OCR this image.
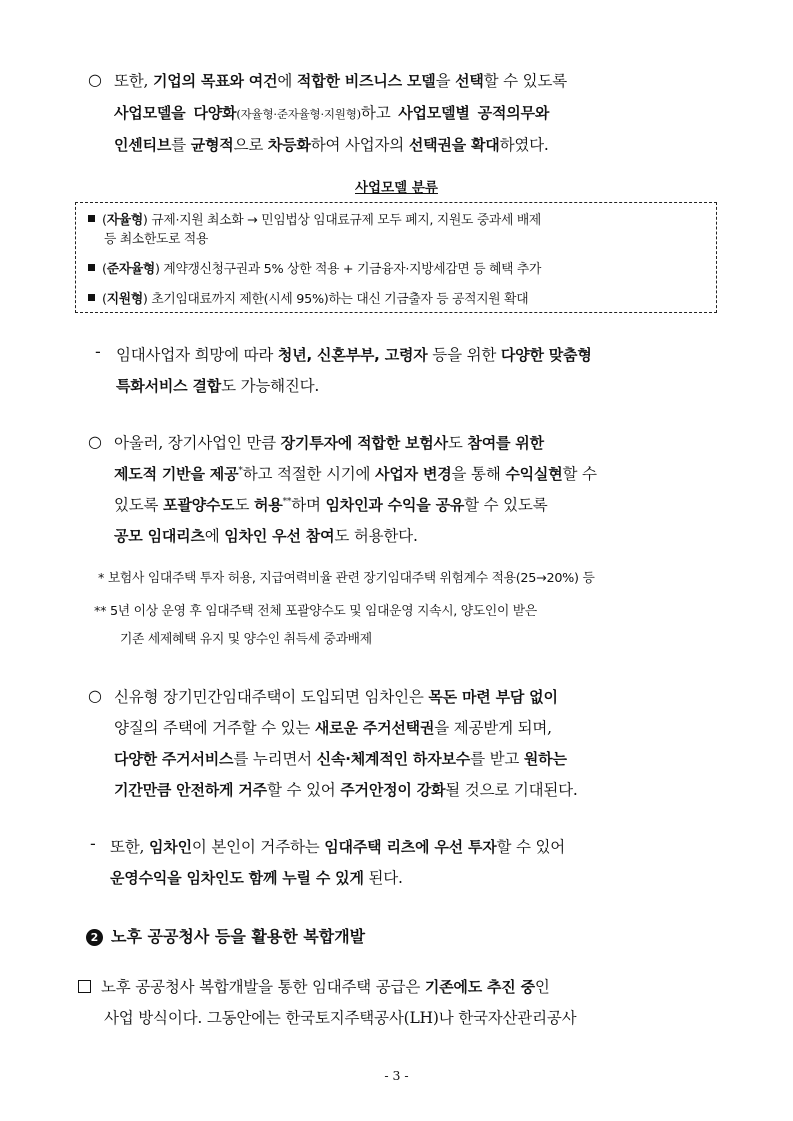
○ 또한, 기업의 목표와 여건에 적합한 비즈니스 모델을 선택할 수 있도록
사업모델을 다양화(자율형·준자율형·지원형)하고 사업모델별 공적의무와
인센티브를 균형적으로 차등화하여 사업자의 선택권을 확대하였다.
사업모델 분류
(자율형) 규제·지원 최소화 → 민임법상 임대료규제 모두 폐지, 지원도 중과세 배제
등 최소한도로 적용
(준자율형) 계약갱신청구권과 5% 상한 적용 + 기금융자·지방세감면 등 혜택 추가
(지원형) 초기임대료까지 제한(시세 95%)하는 대신 기금출자 등 공적지원 확대
- 임대사업자 희망에 따라 청년, 신혼부부, 고령자 등을 위한 다양한 맞춤형
특화서비스 결합도 가능해진다.
○ 아울러, 장기사업인 만큼 장기투자에 적합한 보험사도 참여를 위한
제도적 기반을 제공*하고 적절한 시기에 사업자 변경을 통해 수익실현할 수
있도록 포괄양수도도 허용**하며 임차인과 수익을 공유할 수 있도록
공모 임대리츠에 임차인 우선 참여도 허용한다.
* 보험사 임대주택 투자 허용, 지급여력비율 관련 장기임대주택 위험계수 적용(25→20%) 등
** 5년 이상 운영 후 임대주택 전체 포괄양수도 및 임대운영 지속시, 양도인이 받은
기존 세제혜택 유지 및 양수인 취득세 중과배제
○ 신유형 장기민간임대주택이 도입되면 임차인은 목돈 마련 부담 없이
양질의 주택에 거주할 수 있는 새로운 주거선택권을 제공받게 되며,
다양한 주거서비스를 누리면서 신속·체계적인 하자보수를 받고 원하는
기간만큼 안전하게 거주할 수 있어 주거안정이 강화될 것으로 기대된다.
- 또한, 임차인이 본인이 거주하는 임대주택 리츠에 우선 투자할 수 있어
운영수익을 임차인도 함께 누릴 수 있게 된다.
2 노후 공공청사 등을 활용한 복합개발
노후 공공청사 복합개발을 통한 임대주택 공급은 기존에도 추진 중인
사업 방식이다. 그동안에는 한국토지주택공사(LH)나 한국자산관리공사
- 3 -
